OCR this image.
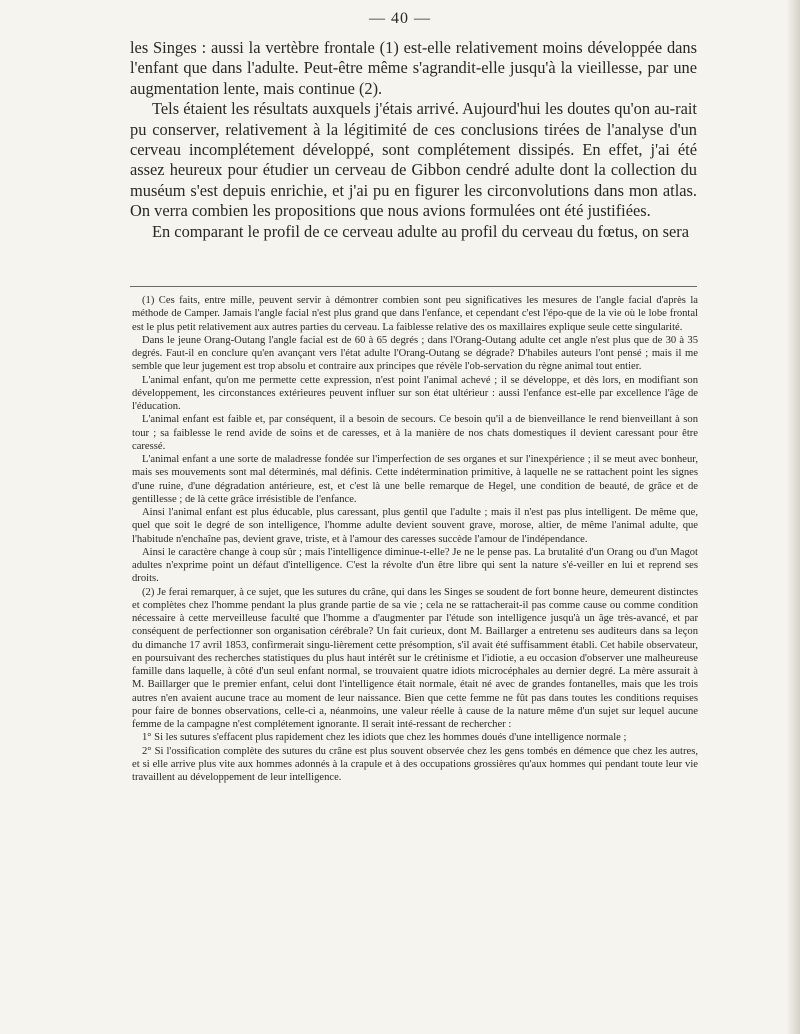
— 40 —

les Singes : aussi la vertèbre frontale (1) est-elle relativement moins développée dans l'enfant que dans l'adulte. Peut-être même s'agrandit-elle jusqu'à la vieillesse, par une augmentation lente, mais continue (2).

Tels étaient les résultats auxquels j'étais arrivé. Aujourd'hui les doutes qu'on au-rait pu conserver, relativement à la légitimité de ces conclusions tirées de l'analyse d'un cerveau incomplétement développé, sont complétement dissipés. En effet, j'ai été assez heureux pour étudier un cerveau de Gibbon cendré adulte dont la collection du muséum s'est depuis enrichie, et j'ai pu en figurer les circonvolutions dans mon atlas. On verra combien les propositions que nous avions formulées ont été justifiées.

En comparant le profil de ce cerveau adulte au profil du cerveau du fœtus, on sera

(1) Ces faits, entre mille, peuvent servir à démontrer combien sont peu significatives les mesures de l'angle facial d'après la méthode de Camper. Jamais l'angle facial n'est plus grand que dans l'enfance, et cependant c'est l'épo-que de la vie où le lobe frontal est le plus petit relativement aux autres parties du cerveau. La faiblesse relative des os maxillaires explique seule cette singularité.

Dans le jeune Orang-Outang l'angle facial est de 60 à 65 degrés ; dans l'Orang-Outang adulte cet angle n'est plus que de 30 à 35 degrés. Faut-il en conclure qu'en avançant vers l'état adulte l'Orang-Outang se dégrade? D'habiles auteurs l'ont pensé ; mais il me semble que leur jugement est trop absolu et contraire aux principes que révèle l'ob-servation du règne animal tout entier.

L'animal enfant, qu'on me permette cette expression, n'est point l'animal achevé ; il se développe, et dès lors, en modifiant son développement, les circonstances extérieures peuvent influer sur son état ultérieur : aussi l'enfance est-elle par excellence l'âge de l'éducation.

L'animal enfant est faible et, par conséquent, il a besoin de secours. Ce besoin qu'il a de bienveillance le rend bienveillant à son tour ; sa faiblesse le rend avide de soins et de caresses, et à la manière de nos chats domestiques il devient caressant pour être caressé.

L'animal enfant a une sorte de maladresse fondée sur l'imperfection de ses organes et sur l'inexpérience ; il se meut avec bonheur, mais ses mouvements sont mal déterminés, mal définis. Cette indétermination primitive, à laquelle ne se rattachent point les signes d'une ruine, d'une dégradation antérieure, est, et c'est là une belle remarque de Hegel, une condition de beauté, de grâce et de gentillesse ; de là cette grâce irrésistible de l'enfance.

Ainsi l'animal enfant est plus éducable, plus caressant, plus gentil que l'adulte ; mais il n'est pas plus intelligent. De même que, quel que soit le degré de son intelligence, l'homme adulte devient souvent grave, morose, altier, de même l'animal adulte, que l'habitude n'enchaîne pas, devient grave, triste, et à l'amour des caresses succède l'amour de l'indépendance.

Ainsi le caractère change à coup sûr ; mais l'intelligence diminue-t-elle? Je ne le pense pas. La brutalité d'un Orang ou d'un Magot adultes n'exprime point un défaut d'intelligence. C'est la révolte d'un être libre qui sent la nature s'é-veiller en lui et reprend ses droits.

(2) Je ferai remarquer, à ce sujet, que les sutures du crâne, qui dans les Singes se soudent de fort bonne heure, demeurent distinctes et complètes chez l'homme pendant la plus grande partie de sa vie ; cela ne se rattacherait-il pas comme cause ou comme condition nécessaire à cette merveilleuse faculté que l'homme a d'augmenter par l'étude son intelligence jusqu'à un âge très-avancé, et par conséquent de perfectionner son organisation cérébrale? Un fait curieux, dont M. Baillarger a entretenu ses auditeurs dans sa leçon du dimanche 17 avril 1853, confirmerait singu-lièrement cette présomption, s'il avait été suffisamment établi. Cet habile observateur, en poursuivant des recherches statistiques du plus haut intérêt sur le crétinisme et l'idiotie, a eu occasion d'observer une malheureuse famille dans laquelle, à côté d'un seul enfant normal, se trouvaient quatre idiots microcéphales au dernier degré. La mère assurait à M. Baillarger que le premier enfant, celui dont l'intelligence était normale, était né avec de grandes fontanelles, mais que les trois autres n'en avaient aucune trace au moment de leur naissance. Bien que cette femme ne fût pas dans toutes les conditions requises pour faire de bonnes observations, celle-ci a, néanmoins, une valeur réelle à cause de la nature même d'un sujet sur lequel aucune femme de la campagne n'est complétement ignorante. Il serait inté-ressant de rechercher :

1° Si les sutures s'effacent plus rapidement chez les idiots que chez les hommes doués d'une intelligence normale ;

2° Si l'ossification complète des sutures du crâne est plus souvent observée chez les gens tombés en démence que chez les autres, et si elle arrive plus vite aux hommes adonnés à la crapule et à des occupations grossières qu'aux hommes qui pendant toute leur vie travaillent au développement de leur intelligence.
